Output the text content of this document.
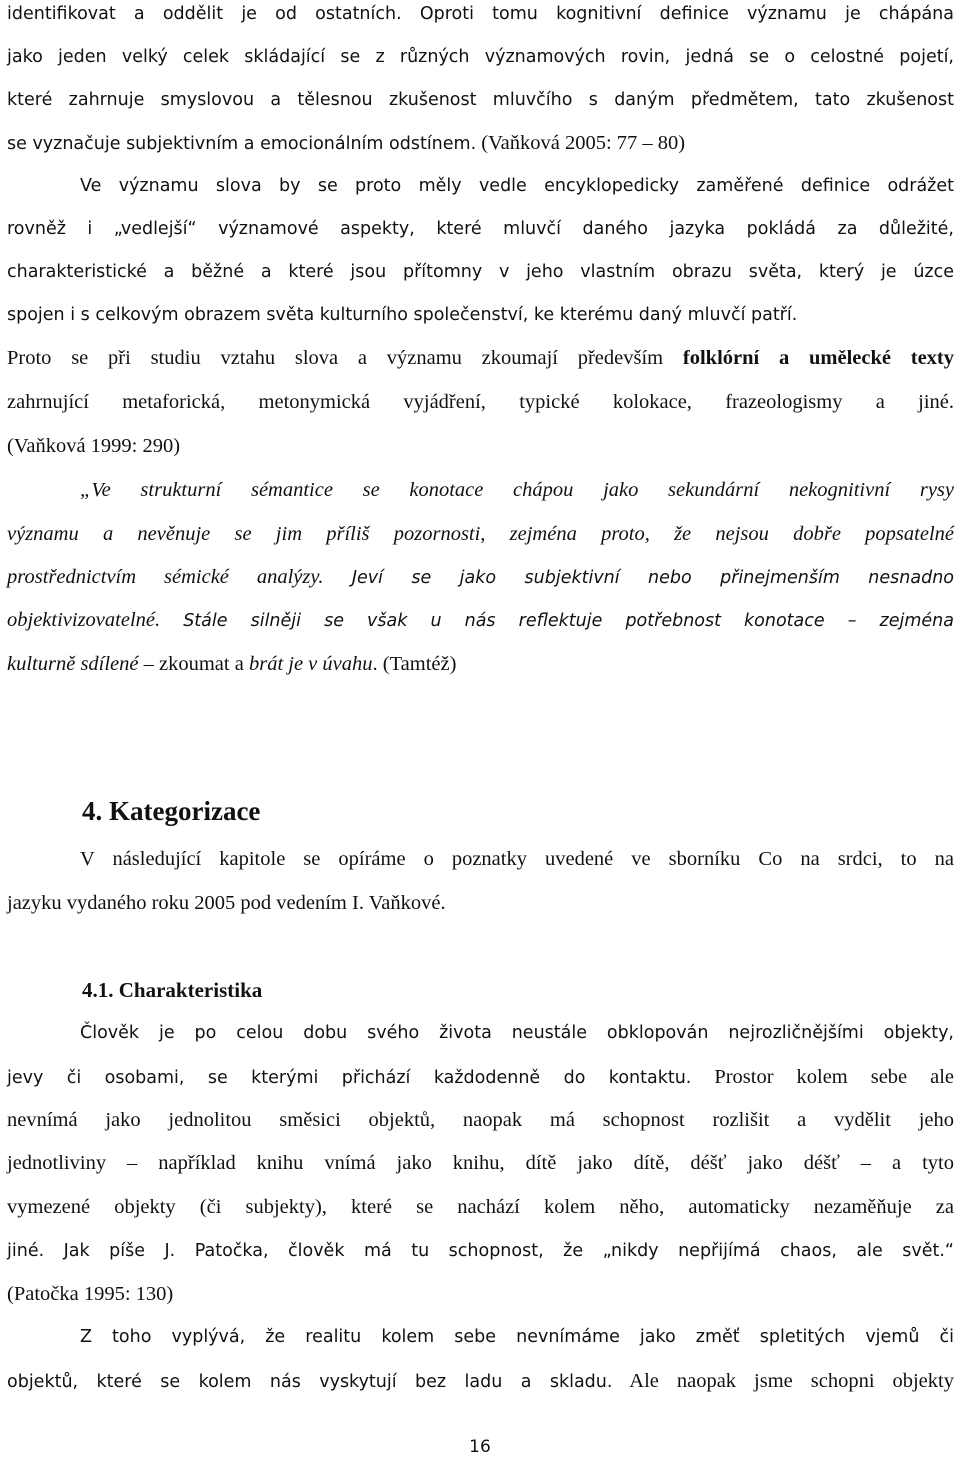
identifikovat a oddělit je od ostatních. Oproti tomu kognitivní definice významu je chápána
jako jeden velký celek skládající se z různých významových rovin, jedná se o celostné pojetí,
které zahrnuje smyslovou a tělesnou zkušenost mluvčího s daným předmětem, tato zkušenost
se vyznačuje subjektivním a emocionálním odstínem. (Vaňková 2005: 77 – 80)
Ve významu slova by se proto měly vedle encyklopedicky zaměřené definice odrážet
rovněž i „vedlejší“ významové aspekty, které mluvčí daného jazyka pokládá za důležité,
charakteristické a běžné a které jsou přítomny v jeho vlastním obrazu světa, který je úzce
spojen i s celkovým obrazem světa kulturního společenství, ke kterému daný mluvčí patří.
Proto se při studiu vztahu slova a významu zkoumají především folklórní a umělecké texty
zahrnující metaforická, metonymická vyjádření, typické kolokace, frazeologismy a jiné.
(Vaňková 1999: 290)
„Ve strukturní sémantice se konotace chápou jako sekundární nekognitivní rysy
významu a nevěnuje se jim příliš pozornosti, zejména proto, že nejsou dobře popsatelné
prostřednictvím sémické analýzy. Jeví se jako subjektivní nebo přinejmenším nesnadno
objektivizovatelné. Stále silněji se však u nás reflektuje potřebnost konotace – zejména
kulturně sdílené – zkoumat a brát je v úvahu. (Tamtéž)
4. Kategorizace
V následující kapitole se opíráme o poznatky uvedené ve sborníku Co na srdci, to na
jazyku vydaného roku 2005 pod vedením I. Vaňkové.
4.1. Charakteristika
Člověk je po celou dobu svého života neustále obklopován nejrozličnějšími objekty,
jevy či osobami, se kterými přichází každodenně do kontaktu. Prostor kolem sebe ale
nevnímá jako jednolitou směsici objektů, naopak má schopnost rozlišit a vydělit jeho
jednotliviny – například knihu vnímá jako knihu, dítě jako dítě, déšť jako déšť – a tyto
vymezené objekty (či subjekty), které se nachází kolem něho, automaticky nezaměňuje za
jiné. Jak píše J. Patočka, člověk má tu schopnost, že „nikdy nepřijímá chaos, ale svět.“
(Patočka 1995: 130)
Z toho vyplývá, že realitu kolem sebe nevnímáme jako změť spletitých vjemů či
objektů, které se kolem nás vyskytují bez ladu a skladu. Ale naopak jsme schopni objekty
16
